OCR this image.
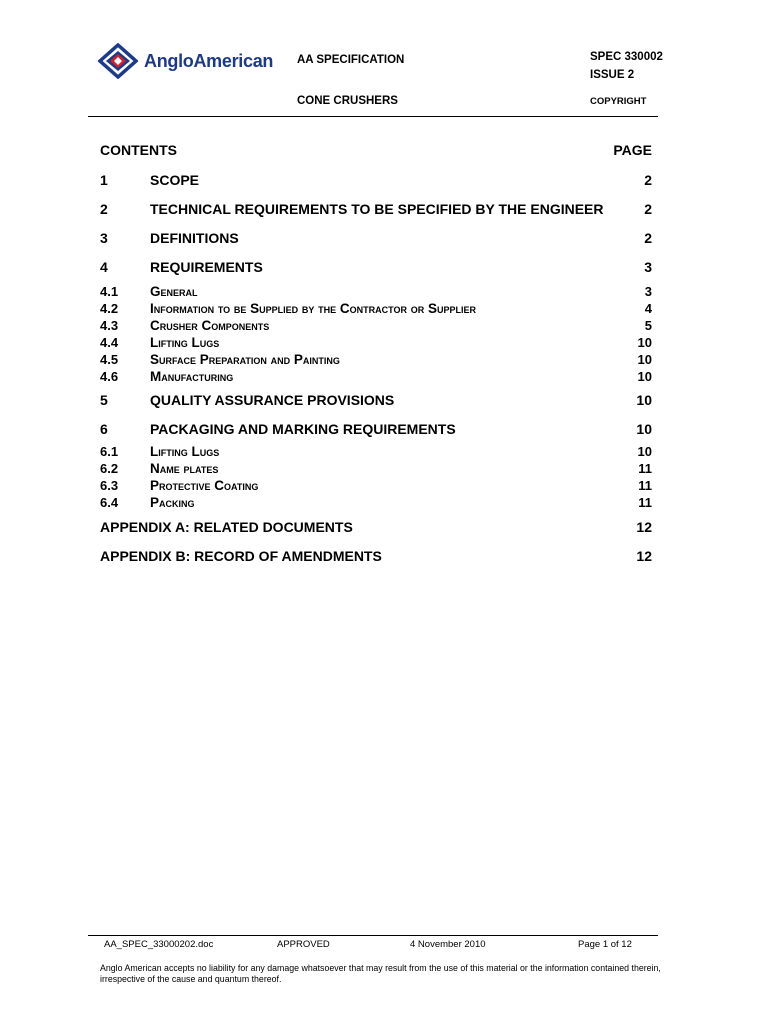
AngloAmerican AA SPECIFICATION
CONE CRUSHERS
SPEC 330002
ISSUE 2
COPYRIGHT
CONTENTS	PAGE
1	SCOPE	2
2	TECHNICAL REQUIREMENTS TO BE SPECIFIED BY THE ENGINEER	2
3	DEFINITIONS	2
4	REQUIREMENTS	3
4.1 General	3
4.2 Information to be Supplied by the Contractor or Supplier	4
4.3 Crusher Components	5
4.4 Lifting Lugs	10
4.5 Surface Preparation and Painting	10
4.6 Manufacturing	10
5	QUALITY ASSURANCE PROVISIONS	10
6	PACKAGING AND MARKING REQUIREMENTS	10
6.1 Lifting Lugs	10
6.2 Name plates	11
6.3 Protective Coating	11
6.4 Packing	11
APPENDIX A: RELATED DOCUMENTS	12
APPENDIX B: RECORD OF AMENDMENTS	12
AA_SPEC_33000202.doc	APPROVED	4 November 2010	Page 1 of 12
Anglo American accepts no liability for any damage whatsoever that may result from the use of this material or the information contained therein, irrespective of the cause and quantum thereof.
